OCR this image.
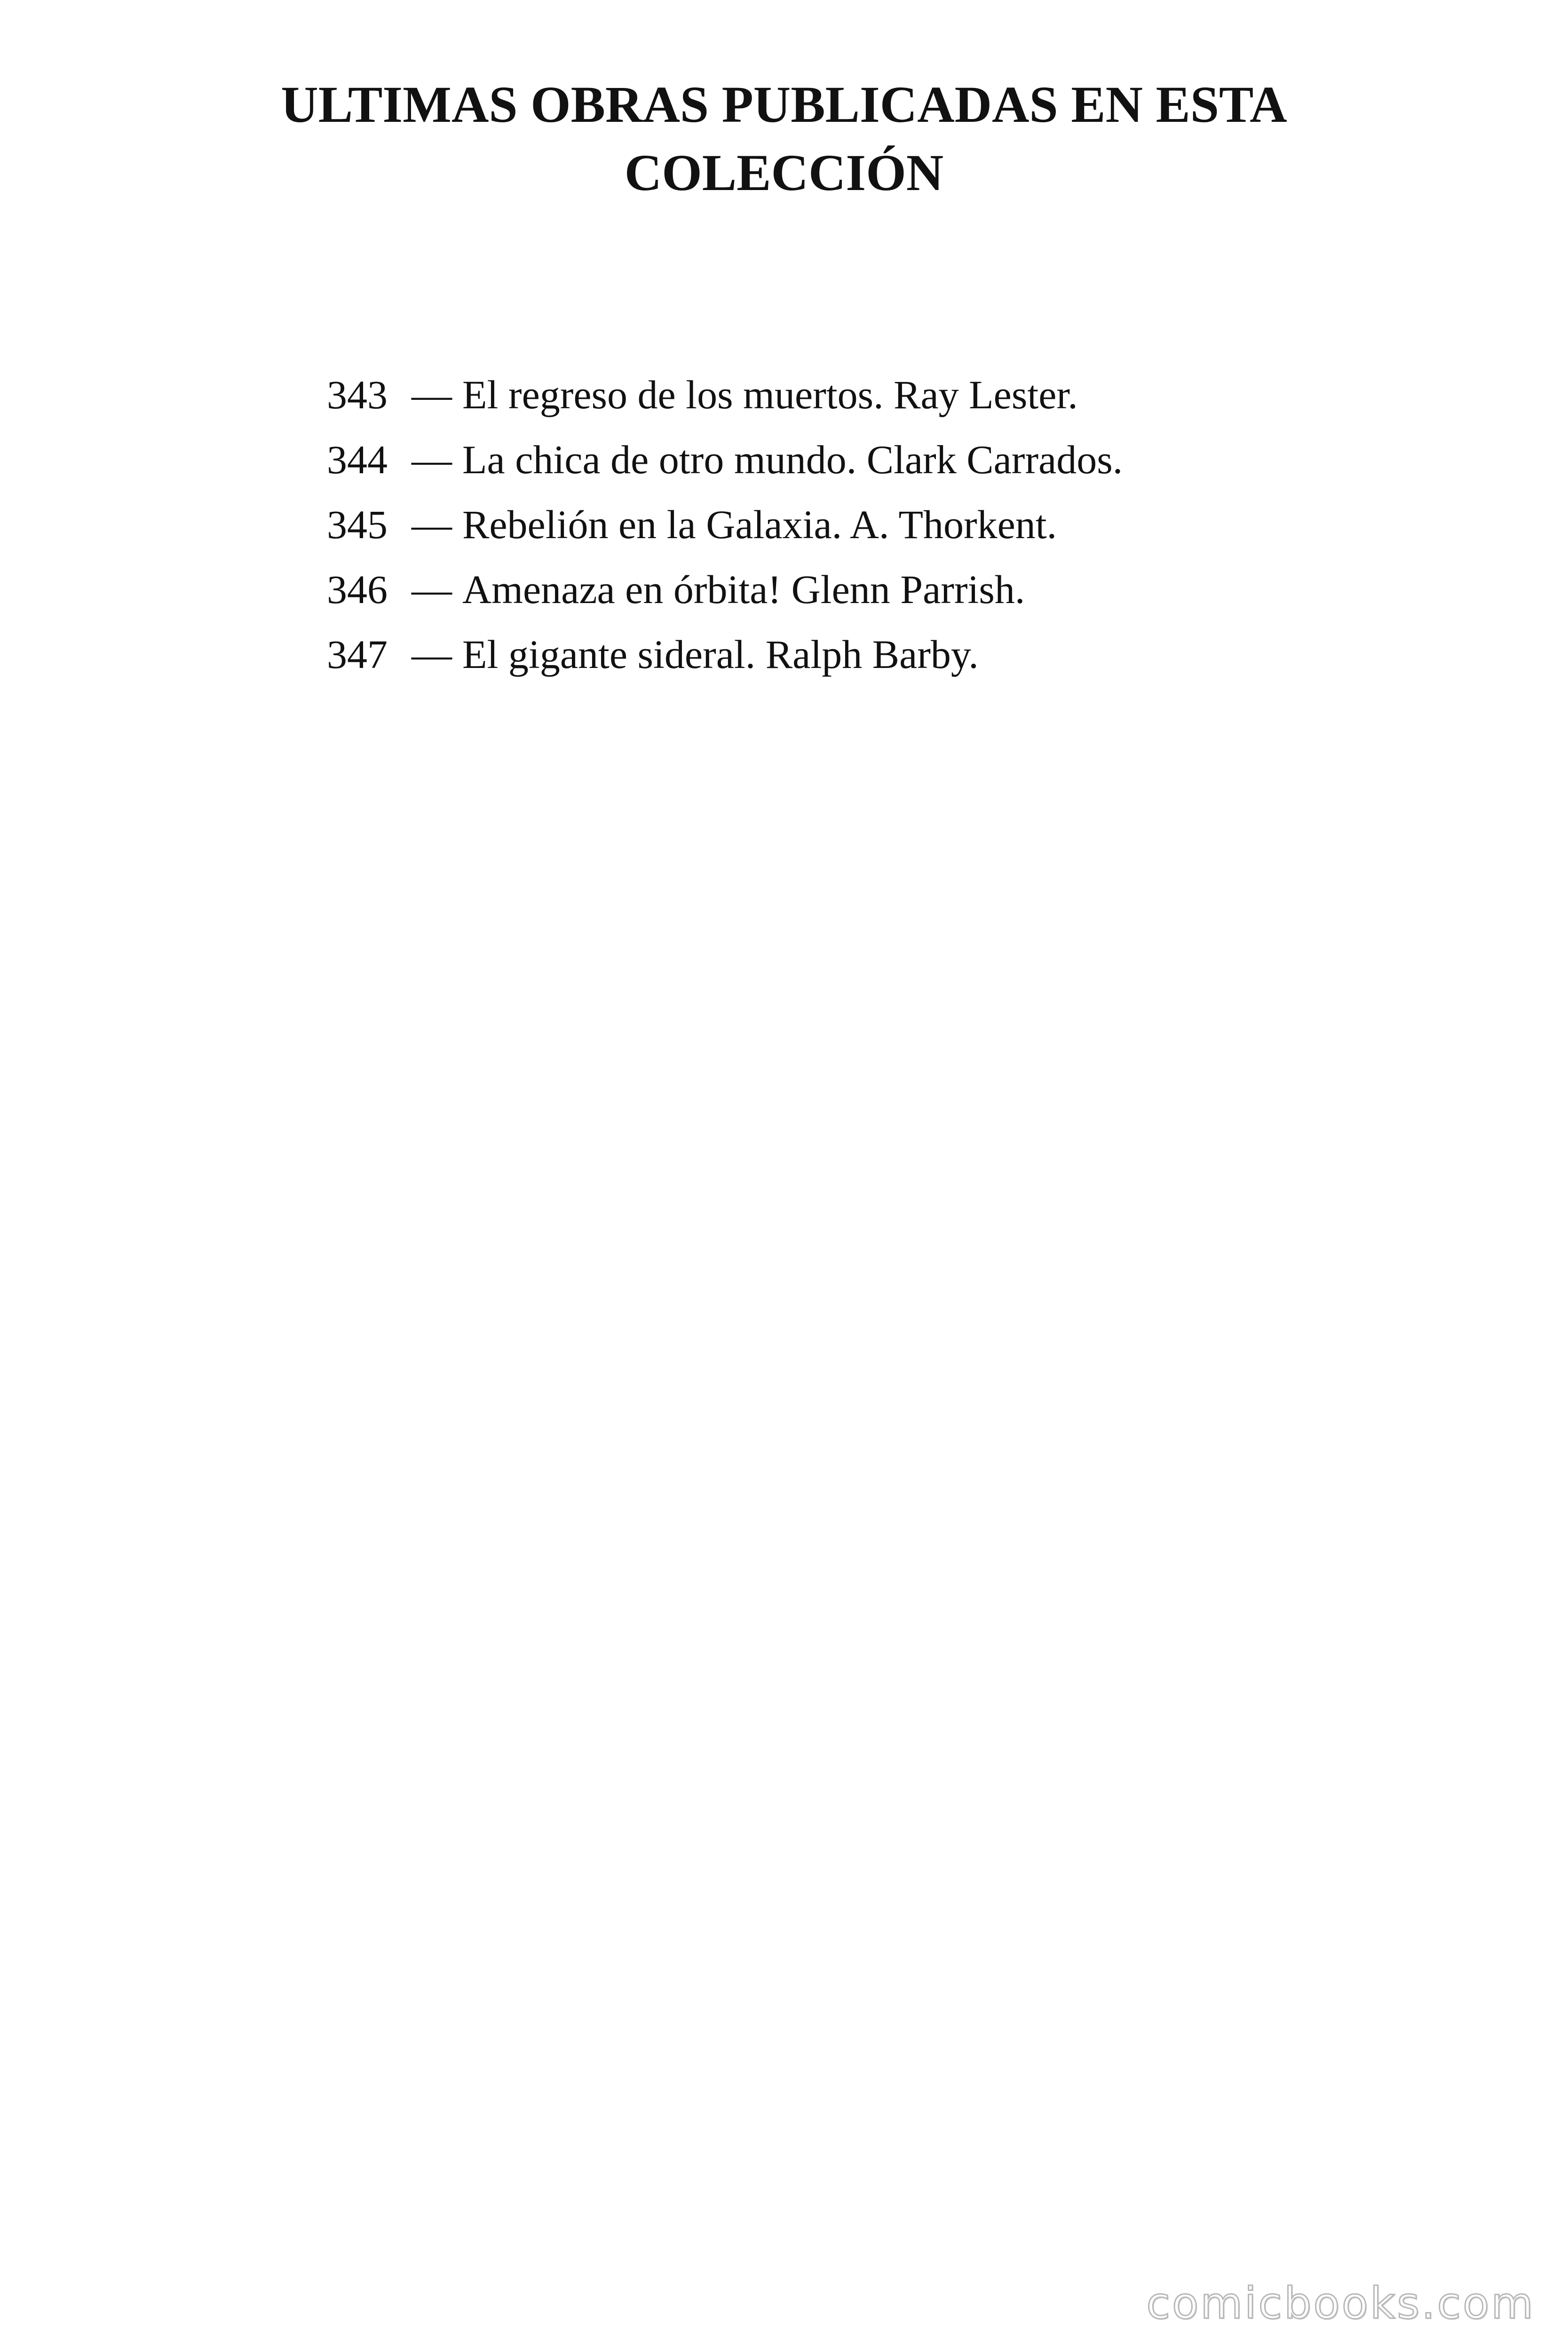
ULTIMAS OBRAS PUBLICADAS EN ESTA
COLECCIÓN
343 — El regreso de los muertos. Ray Lester.
344 — La chica de otro mundo. Clark Carrados.
345 — Rebelión en la Galaxia. A. Thorkent.
346 — Amenaza en órbita! Glenn Parrish.
347 — El gigante sideral. Ralph Barby.
comicbooks.com
